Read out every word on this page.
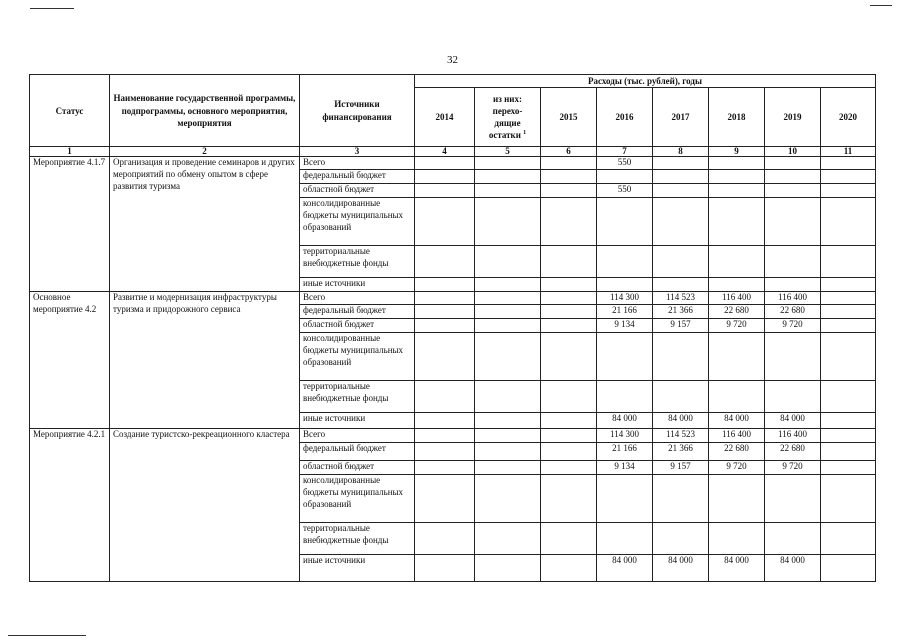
32
Статус	Наименование государственной программы, подпрограммы, основного мероприятия, мероприятия	Источники финансирования	Расходы (тыс. рублей), годы							
			2014	из них:
перехо-
дящие
остатки $^1$	2015	2016	2017	2018	2019	2020
1	2	3	4	5	6	7	8	9	10	11
Мероприятие 4.1.7	Организация и проведение семинаров и других мероприятий по обмену опытом в сфере развития туризма	Всего				550				
		федеральный бюджет								
		областной бюджет				550				
		консолидированные бюджеты муниципальных образований								
		территориальные внебюджетные фонды								
		иные источники								
Основное мероприятие 4.2	Развитие и модернизация инфраструктуры туризма и придорожного сервиса	Всего				114 300	114 523	116 400	116 400	
		федеральный бюджет				21 166	21 366	22 680	22 680	
		областной бюджет				9 134	9 157	9 720	9 720	
		консолидированные бюджеты муниципальных образований								
		территориальные внебюджетные фонды								
		иные источники				84 000	84 000	84 000	84 000	
Мероприятие 4.2.1	Создание туристско-рекреационного кластера	Всего				114 300	114 523	116 400	116 400	
		федеральный бюджет				21 166	21 366	22 680	22 680	
		областной бюджет				9 134	9 157	9 720	9 720	
		консолидированные бюджеты муниципальных образований								
		территориальные внебюджетные фонды								
		иные источники				84 000	84 000	84 000	84 000	
